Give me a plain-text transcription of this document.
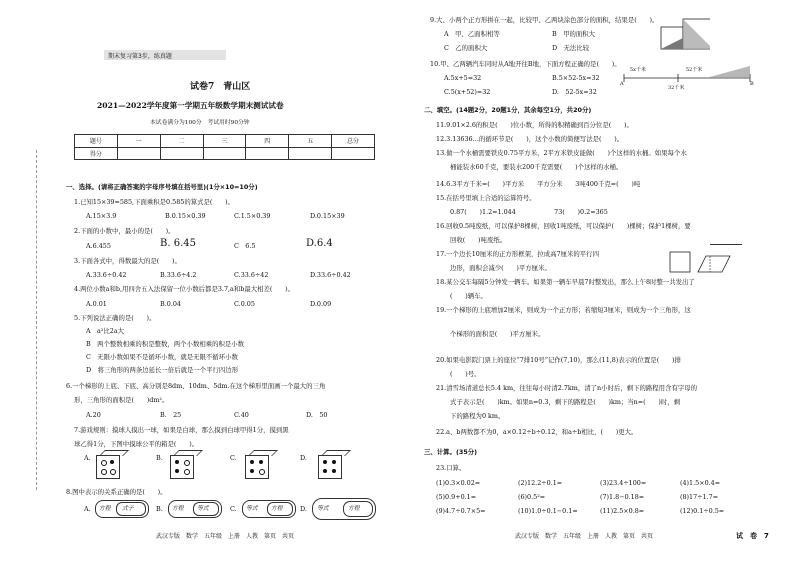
期末复习第3步，练真题
试卷7　青山区
2021—2022学年度第一学期五年级数学期末测试试卷
本试卷满分为100分　考试用时90分钟
题号	一	二	三	四	五	总分
得分						
一、选择。(请将正确答案的字母序号填在括号里)(1分×10=10分)
1.已知15×39=585,下面乘积是0.585的算式是(　　)。
A.15×3.9	B.0.15×0.39	C.1.5×0.39	D.0.15×39
2.下面的小数中，最小的是(　　)。
A.6.455	B. 6.45	C　6.5	D.6.4
3.下面各式中，得数最大的是(　　)。
A.33.6÷0.42	B.33.6÷4.2	C.33.6÷42	D.33.6÷0.42
4.两位小数a和b,用四舍五入法保留一位小数后都是3.7,a和b最大相差(　　)。
A.0.01	B.0.04	C.0.05	D.0.09
5.下列说法正确的是(　　)。
A　a²比2a大
B　两个整数相乘的积是整数，两个小数相乘的积是小数
C　无限小数如果不是循环小数，就是无限不循环小数
D　将三角形的两条边延长一倍后就是一个平行四边形
6.一个梯形的上底、下底、高分别是8dm、10dm、5dm.在这个梯形里面画一个最大的三角
形，三角形的面积是(　　)dm²。
A.20	B.　25	C.40	D.　50
7.游戏规则：摸球人摸出一球，如果是白球，那么摸到白球甲得1分，摸到黑
球乙得1分，下图中摸球公平的箱是(　　)。
A.	B.	C.	D.
8.图中表示的关系正确的是(　　)。
A. 方程 式子	B. 方程 等式	C. 等式 方程	D. 等式	方程
武汉专版　数学　五年级　上册　人教　第页　共页
9.大、小两个正方形拼在一起，比较甲、乙两块涂色部分的面积，结果是(　　)。
A　甲、乙面积相等	B　甲的面积大
C　乙的面积大	D　无法比较
10.甲、乙两辆汽车同时从A地开往B地，下面方程正确的是(　　)。
A.5x+5=32	B.5×52-5x=32
C.5(x+52)=32	D.　52-5x=32
5x千米	52千米
32千米
A	B
二、填空。(14题2分，20题1分，其余每空1分，共20分)
11.9.01×2.6的积是(　　)位小数，所得的积精确到百分位是(　　)。
12.3.13636…的循环节是(　　)，这个小数的简便写法是(　　)。
13.做一个水桶需要铁皮0.75平方米，2平方米铁皮能做(　　)个这样的水桶。如果每个水
桶能装水60千克，要装水200千克需要(　　)个这样的水桶。
14.6.3平方千米=(　　)平方米　　平方分米　　3吨400千克=(　　)吨
15.在括号里填上合适的运算符号。
0.87(　　)1.2=1.044　　　　　　73(　　)0.2=365
16.回收0.5吨废纸，可以保护8棵树，回收1吨废纸，可以保护(　　)棵树；保护1棵树，要
回收(　　)吨废纸。
17.一个边长10厘米的正方形框架，拉成高7厘米的平行四
边形，面积会减少(　　)平方厘米。
18.某公交车每隔5分钟发一辆车。如果第一辆车早晨7时整发出，那么上午8时整一共发出了
(　　)辆车。
19.一个梯形的上底增加2厘米，则成为一个正方形；若缩短3厘米，则成为一个三角形，这
个梯形的面积是(　　)平方厘米。
20.如果电影院门票上的座位“7排10号”记作(7,10)，那么(11,8)表示的位置是(　　)排
(　　)号。
21.清雪场清道总长5.4 km，往往每小时清2.7km，清了n小时后，剩下的路程用含有字母的
式子表示是(　　)km。如果n=0.3，剩下的路程是(　　)km；当n=(　　)时，剩
下的路程为0 km。
22.a、b两数都不为0，a×0.12÷b÷0.12，和a÷b相比，(　　)更大。
三、计算。(35分)
23.口算。
(1)0.3×0.02=	(2)12.2÷0.1=	(3)23.4÷100=	(4)1.5×0.4=
(5)0.9+0.1=	(6)0.5²=	(7)1.8−0.18=	(8)17÷1.7=
(9)4.7÷0.7×5=	(10)1.0÷0.1−0.1=	(11)2.5×0.8=	(12)0.1÷0.5=
武汉专版　数学　五年级　上册　人教　第页　共页	试　卷　7
